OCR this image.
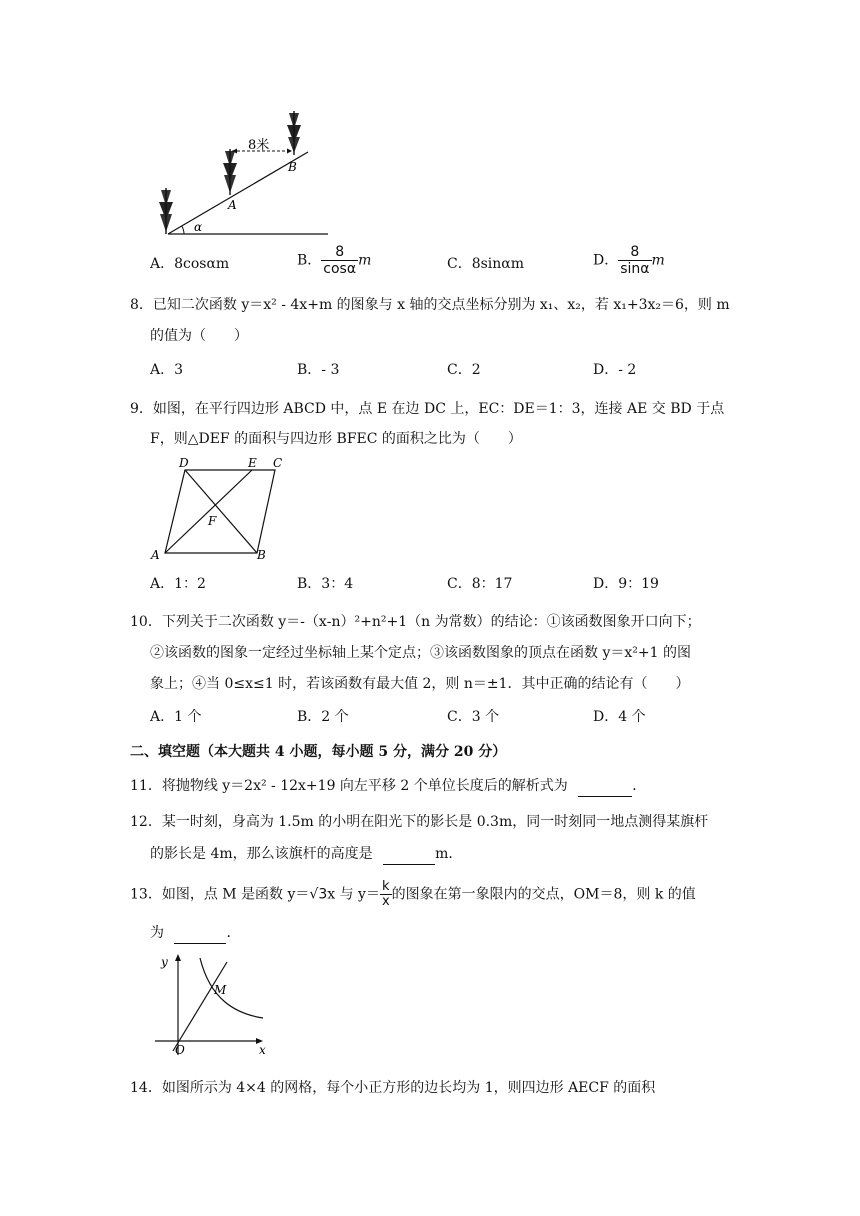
8米
B
A
α
A．8cosαm	B． $\frac{8}{\cos\alpha}$ m	C．8sinαm	D． $\frac{8}{\sin\alpha}$ m
8．已知二次函数 y＝x² ‑ 4x+m 的图象与 x 轴的交点坐标分别为 x₁、x₂，若 x₁+3x₂＝6，则 m
的值为（　　）
A．3	B．‑ 3	C．2	D．‑ 2
9．如图，在平行四边形 ABCD 中，点 E 在边 DC 上，EC：DE＝1：3，连接 AE 交 BD 于点
F，则△DEF 的面积与四边形 BFEC 的面积之比为（　　）
D	E C
F
A	B
A．1：2	B．3：4	C．8：17	D．9：19
10．下列关于二次函数 y＝‑（x‑n）²+n²+1（n 为常数）的结论：①该函数图象开口向下；
②该函数的图象一定经过坐标轴上某个定点；③该函数图象的顶点在函数 y＝x²+1 的图
象上；④当 0≤x≤1 时，若该函数有最大值 2，则 n＝±1．其中正确的结论有（　　）
A．1 个	B．2 个	C．3 个	D．4 个
二、填空题（本大题共 4 小题，每小题 5 分，满分 20 分）
11．将抛物线 y＝2x² ‑ 12x+19 向左平移 2 个单位长度后的解析式为	．
12．某一时刻，身高为 1.5m 的小明在阳光下的影长是 0.3m，同一时刻同一地点测得某旗杆
的影长是 4m，那么该旗杆的高度是	m．
13．如图，点 M 是函数 y＝√3x 与 $y= \frac{k}{x}$ 的图象在第一象限内的交点，OM＝8，则 k 的值
为	．
y
M
O	x
14．如图所示为 4×4 的网格，每个小正方形的边长均为 1，则四边形 AECF 的面积
